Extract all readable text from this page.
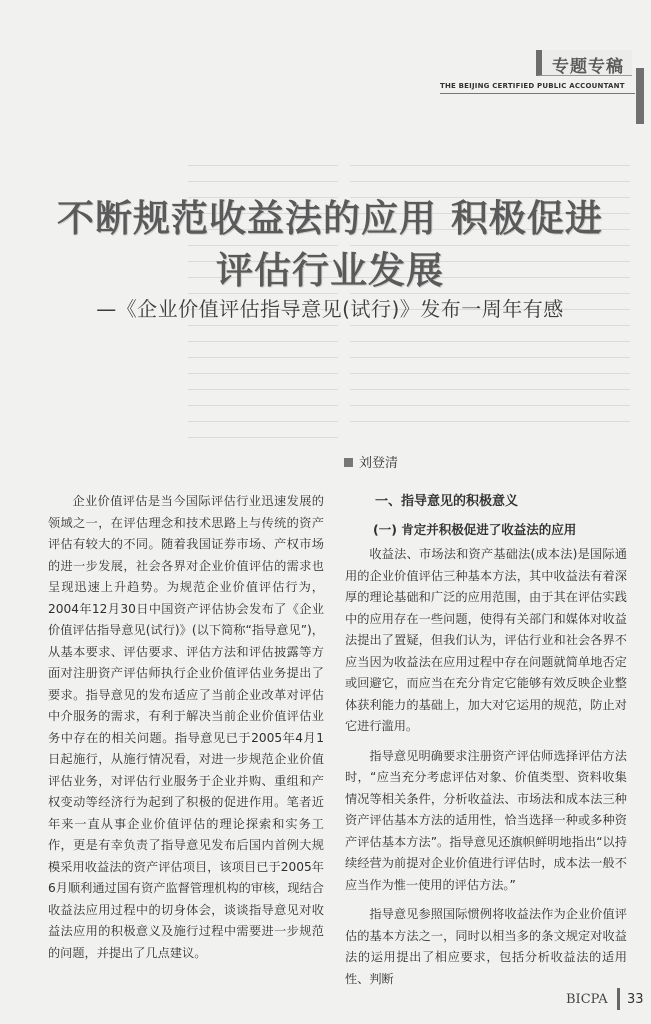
专题专稿
THE BEIJING CERTIFIED PUBLIC ACCOUNTANT
不断规范收益法的应用 积极促进
评估行业发展
—《企业价值评估指导意见(试行)》发布一周年有感
刘登清

企业价值评估是当今国际评估行业迅速发展的领域之一，在评估理念和技术思路上与传统的资产评估有较大的不同。随着我国证券市场、产权市场的进一步发展，社会各界对企业价值评估的需求也呈现迅速上升趋势。为规范企业价值评估行为，2004年12月30日中国资产评估协会发布了《企业价值评估指导意见(试行)》(以下简称“指导意见”)，从基本要求、评估要求、评估方法和评估披露等方面对注册资产评估师执行企业价值评估业务提出了要求。指导意见的发布适应了当前企业改革对评估中介服务的需求，有利于解决当前企业价值评估业务中存在的相关问题。指导意见已于2005年4月1日起施行，从施行情况看，对进一步规范企业价值评估业务，对评估行业服务于企业并购、重组和产权变动等经济行为起到了积极的促进作用。笔者近年来一直从事企业价值评估的理论探索和实务工作，更是有幸负责了指导意见发布后国内首例大规模采用收益法的资产评估项目，该项目已于2005年6月顺利通过国有资产监督管理机构的审核，现结合收益法应用过程中的切身体会，谈谈指导意见对收益法应用的积极意义及施行过程中需要进一步规范的问题，并提出了几点建议。

一、指导意见的积极意义
(一) 肯定并积极促进了收益法的应用

收益法、市场法和资产基础法(成本法)是国际通用的企业价值评估三种基本方法，其中收益法有着深厚的理论基础和广泛的应用范围，由于其在评估实践中的应用存在一些问题，使得有关部门和媒体对收益法提出了置疑，但我们认为，评估行业和社会各界不应当因为收益法在应用过程中存在问题就简单地否定或回避它，而应当在充分肯定它能够有效反映企业整体获利能力的基础上，加大对它运用的规范，防止对它进行滥用。

指导意见明确要求注册资产评估师选择评估方法时，“应当充分考虑评估对象、价值类型、资料收集情况等相关条件，分析收益法、市场法和成本法三种资产评估基本方法的适用性，恰当选择一种或多种资产评估基本方法”。指导意见还旗帜鲜明地指出“以持续经营为前提对企业价值进行评估时，成本法一般不应当作为惟一使用的评估方法。”

指导意见参照国际惯例将收益法作为企业价值评估的基本方法之一，同时以相当多的条文规定对收益法的运用提出了相应要求，包括分析收益法的适用性、判断

BICPA 33
